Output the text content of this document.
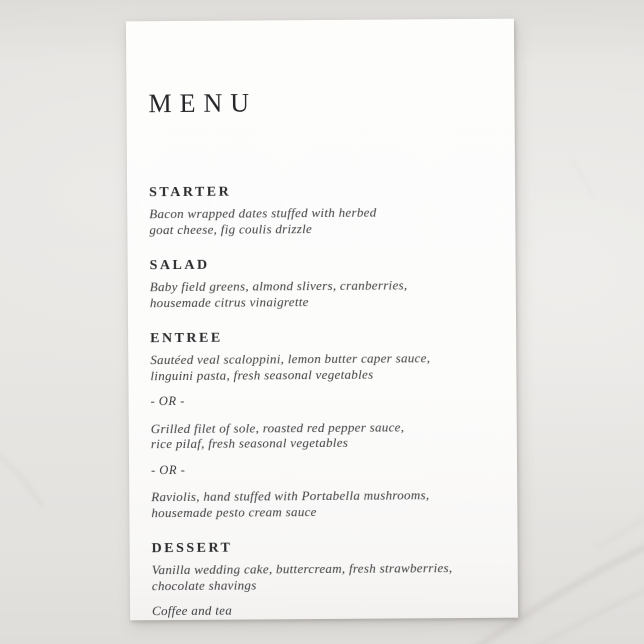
MENU
STARTER
Bacon wrapped dates stuffed with herbed
goat cheese, fig coulis drizzle
SALAD
Baby field greens, almond slivers, cranberries,
housemade citrus vinaigrette
ENTREE
Sautéed veal scaloppini, lemon butter caper sauce,
linguini pasta, fresh seasonal vegetables

- OR -

Grilled filet of sole, roasted red pepper sauce,
rice pilaf, fresh seasonal vegetables

- OR -

Raviolis, hand stuffed with Portabella mushrooms,
housemade pesto cream sauce
DESSERT
Vanilla wedding cake, buttercream, fresh strawberries,
chocolate shavings
Coffee and tea
